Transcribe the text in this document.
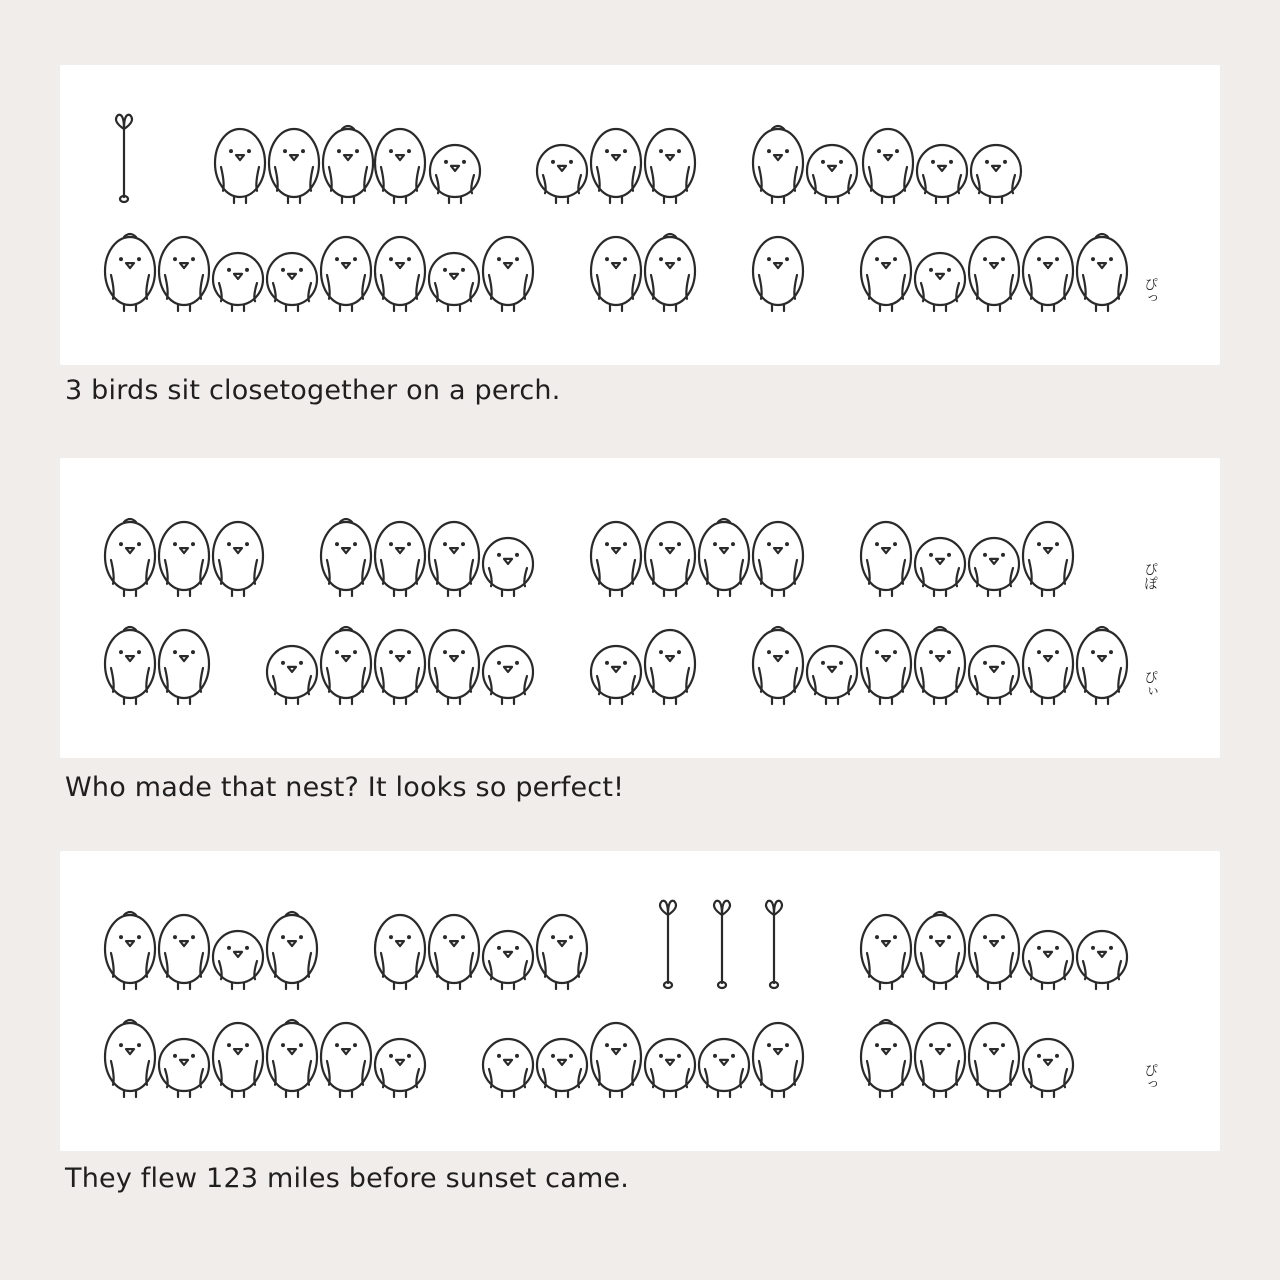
ぴっ

3 birds sit closetogether on a perch.

ぴぽ
ぴぃ

Who made that nest? It looks so perfect!

ぴっ

They flew 123 miles before sunset came.
